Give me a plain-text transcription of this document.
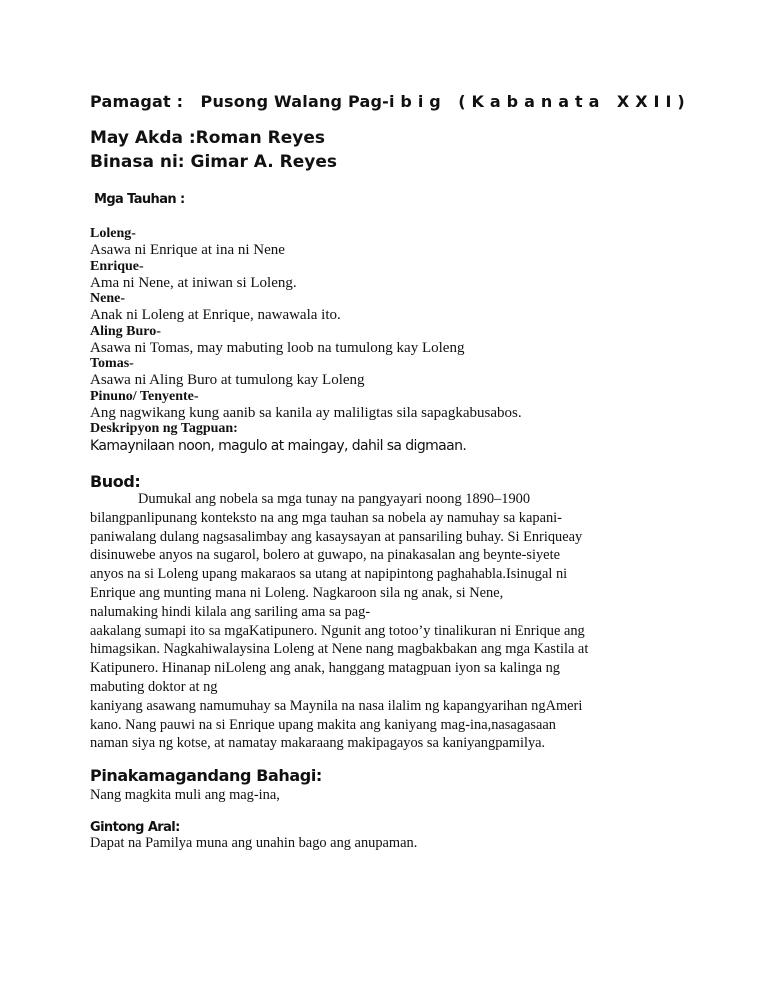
Pamagat :   Pusong Walang Pag-i b i g   ( K a b a n a t a   X X I I )
May Akda :Roman Reyes
Binasa ni: Gimar A. Reyes
Mga Tauhan :
Loleng-
Asawa ni Enrique at ina ni Nene
Enrique-
Ama ni Nene, at iniwan si Loleng.
Nene-
Anak ni Loleng at Enrique, nawawala ito.
Aling Buro-
Asawa ni Tomas, may mabuting loob na tumulong kay Loleng
Tomas-
Asawa ni Aling Buro at tumulong kay Loleng
Pinuno/ Tenyente-
Ang nagwikang kung aanib sa kanila ay maliligtas sila sapagkabusabos.
Deskripyon ng Tagpuan:
Kamaynilaan noon, magulo at maingay, dahil sa digmaan.
Buod:
Dumukal ang nobela sa mga tunay na pangyayari noong 1890–1900
bilangpanlipunang konteksto na ang mga tauhan sa nobela ay namuhay sa kapani-
paniwalang dulang nagsasalimbay ang kasaysayan at pansariling buhay. Si Enriqueay
disinuwebe anyos na sugarol, bolero at guwapo, na pinakasalan ang beynte-siyete
anyos na si Loleng upang makaraos sa utang at napipintong paghahabla.Isinugal ni
Enrique ang munting mana ni Loleng. Nagkaroon sila ng anak, si Nene,
nalumaking hindi kilala ang sariling ama sa pag-
aakalang sumapi ito sa mgaKatipunero. Ngunit ang totoo’y tinalikuran ni Enrique ang
himagsikan. Nagkahiwalaysina Loleng at Nene nang magbakbakan ang mga Kastila at
Katipunero. Hinanap niLoleng ang anak, hanggang matagpuan iyon sa kalinga ng
mabuting doktor at ng
kaniyang asawang namumuhay sa Maynila na nasa ilalim ng kapangyarihan ngAmeri
kano. Nang pauwi na si Enrique upang makita ang kaniyang mag-ina,nasagasaan
naman siya ng kotse, at namatay makaraang makipagayos sa kaniyangpamilya.
Pinakamagandang Bahagi:
Nang magkita muli ang mag-ina,
Gintong Aral:
Dapat na Pamilya muna ang unahin bago ang anupaman.
